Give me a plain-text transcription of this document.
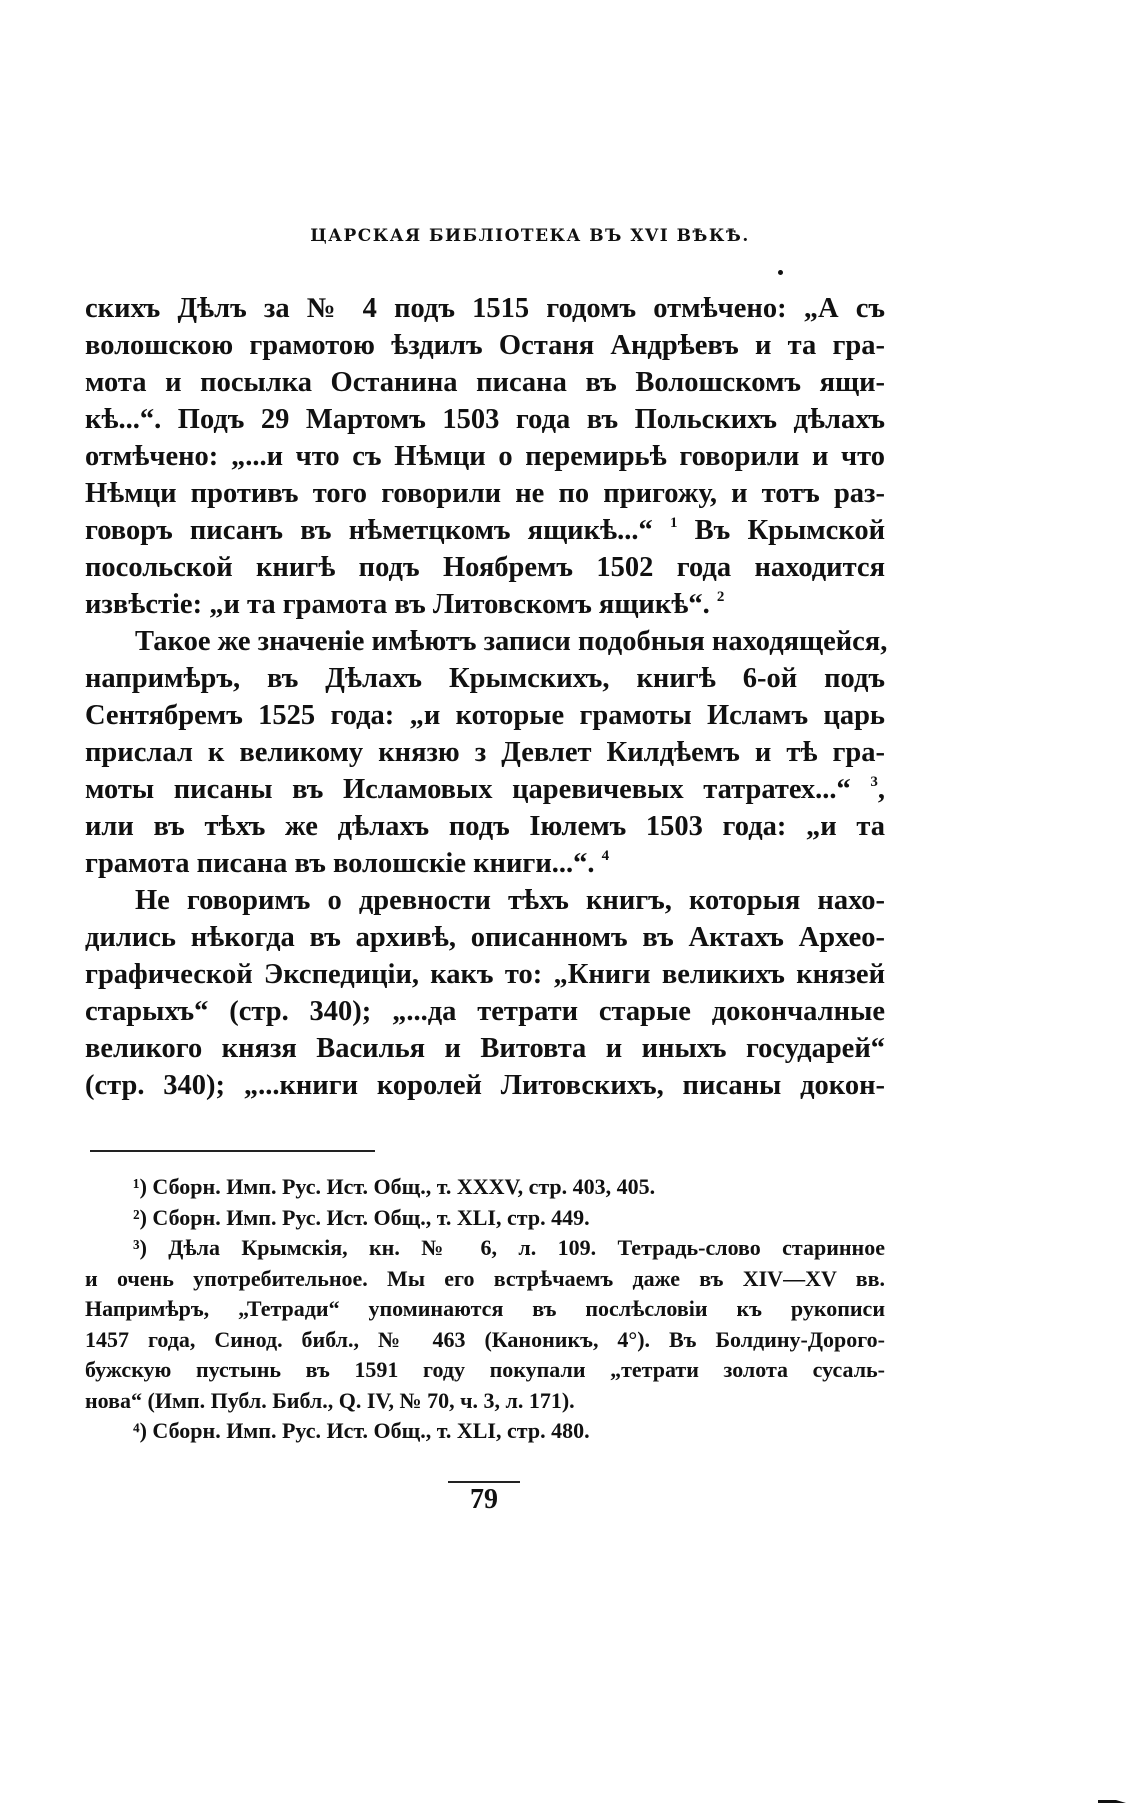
ЦАРСКАЯ БИБЛІОТЕКА ВЪ XVI ВѢКѢ.
скихъ Дѣлъ за № 4 подъ 1515 годомъ отмѣчено: „А съ
волошскою грамотою ѣздилъ Останя Андрѣевъ и та гра-
мота и посылка Останина писана въ Волошскомъ ящи-
кѣ...“. Подъ 29 Мартомъ 1503 года въ Польскихъ дѣлахъ
отмѣчено: „...и что съ Нѣмци о перемирьѣ говорили и что
Нѣмци противъ того говорили не по пригожу, и тотъ раз-
говоръ писанъ въ нѣметцкомъ ящикѣ...“ $^1$ Въ Крымской
посольской книгѣ подъ Ноябремъ 1502 года находится
извѣстіе: „и та грамота въ Литовскомъ ящикѣ“. $^2$
Такое же значеніе имѣютъ записи подобныя находящейся,
напримѣръ, въ Дѣлахъ Крымскихъ, книгѣ 6-ой подъ
Сентябремъ 1525 года: „и которые грамоты Исламъ царь
прислал к великому князю з Девлет Килдѣемъ и тѣ гра-
моты писаны въ Исламовых царевичевых татратех...“ $^3$,
или въ тѣхъ же дѣлахъ подъ Іюлемъ 1503 года: „и та
грамота писана въ волошскіе книги...“. $^4$
Не говоримъ о древности тѣхъ книгъ, которыя нахо-
дились нѣкогда въ архивѣ, описанномъ въ Актахъ Архео-
графической Экспедиціи, какъ то: „Книги великихъ князей
старыхъ“ (стр. 340); „...да тетрати старые докончалные
великого князя Василья и Витовта и иныхъ государей“
(стр. 340); „...книги королей Литовскихъ, писаны докон-
¹) Сборн. Имп. Рус. Ист. Общ., т. XXXV, стр. 403, 405.
²) Сборн. Имп. Рус. Ист. Общ., т. XLI, стр. 449.
³) Дѣла Крымскія, кн. № 6, л. 109. Тетрадь-слово старинное
и очень употребительное. Мы его встрѣчаемъ даже въ XIV—XV вв.
Напримѣръ, „Тетради“ упоминаются въ послѣсловіи къ рукописи
1457 года, Синод. библ., № 463 (Каноникъ, 4°). Въ Болдину-Дорого-
бужскую пустынь въ 1591 году покупали „тетрати золота сусаль-
нова“ (Имп. Публ. Библ., Q. IV, № 70, ч. 3, л. 171).
⁴) Сборн. Имп. Рус. Ист. Общ., т. XLI, стр. 480.
79
